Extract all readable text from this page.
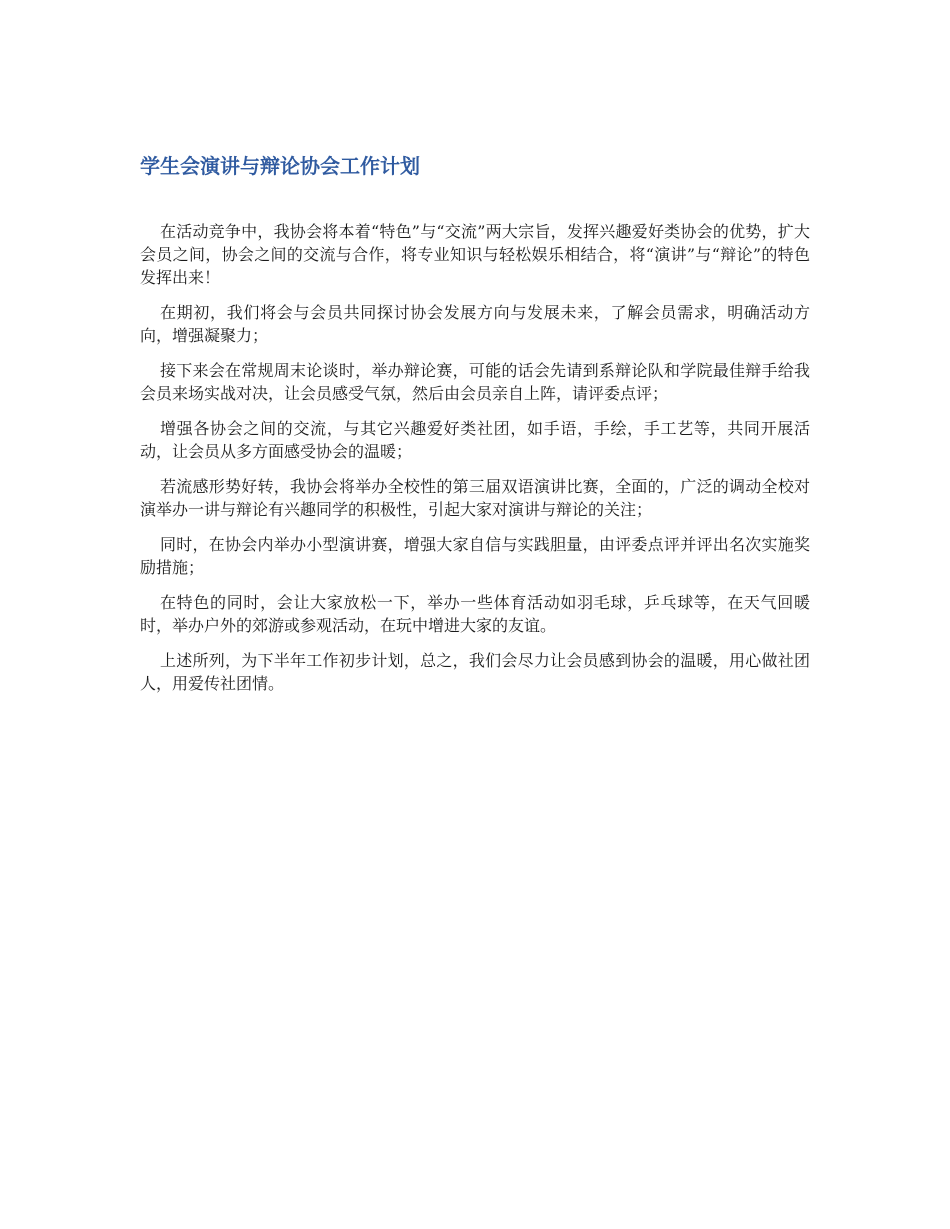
学生会演讲与辩论协会工作计划

在活动竞争中，我协会将本着“特色”与“交流”两大宗旨，发挥兴趣爱好类协会的优势，扩大会员之间，协会之间的交流与合作，将专业知识与轻松娱乐相结合，将“演讲”与“辩论”的特色发挥出来！

在期初，我们将会与会员共同探讨协会发展方向与发展未来，了解会员需求，明确活动方向，增强凝聚力；

接下来会在常规周末论谈时，举办辩论赛，可能的话会先请到系辩论队和学院最佳辩手给我会员来场实战对决，让会员感受气氛，然后由会员亲自上阵，请评委点评；

增强各协会之间的交流，与其它兴趣爱好类社团，如手语，手绘，手工艺等，共同开展活动，让会员从多方面感受协会的温暖；

若流感形势好转，我协会将举办全校性的第三届双语演讲比赛，全面的，广泛的调动全校对演举办一讲与辩论有兴趣同学的积极性，引起大家对演讲与辩论的关注；

同时，在协会内举办小型演讲赛，增强大家自信与实践胆量，由评委点评并评出名次实施奖励措施；

在特色的同时，会让大家放松一下，举办一些体育活动如羽毛球，乒乓球等，在天气回暖时，举办户外的郊游或参观活动，在玩中增进大家的友谊。

上述所列，为下半年工作初步计划，总之，我们会尽力让会员感到协会的温暖，用心做社团人，用爱传社团情。
